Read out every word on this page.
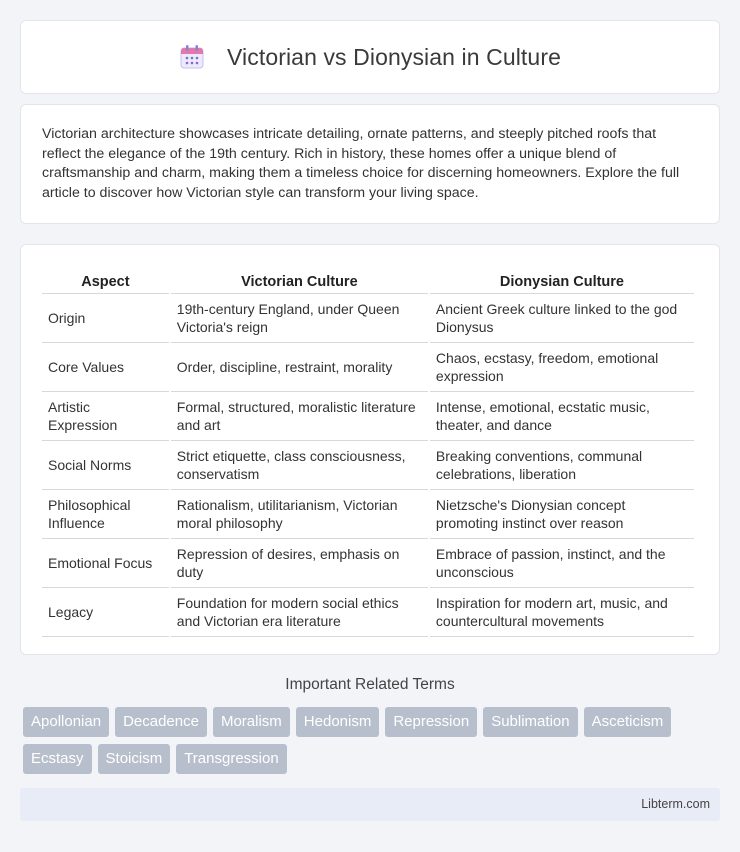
Victorian vs Dionysian in Culture

Victorian architecture showcases intricate detailing, ornate patterns, and steeply pitched roofs that reflect the elegance of the 19th century. Rich in history, these homes offer a unique blend of craftsmanship and charm, making them a timeless choice for discerning homeowners. Explore the full article to discover how Victorian style can transform your living space.

Aspect	Victorian Culture	Dionysian Culture
Origin	19th-century England, under Queen Victoria's reign	Ancient Greek culture linked to the god Dionysus
Core Values	Order, discipline, restraint, morality	Chaos, ecstasy, freedom, emotional expression
Artistic Expression	Formal, structured, moralistic literature and art	Intense, emotional, ecstatic music, theater, and dance
Social Norms	Strict etiquette, class consciousness, conservatism	Breaking conventions, communal celebrations, liberation
Philosophical Influence	Rationalism, utilitarianism, Victorian moral philosophy	Nietzsche's Dionysian concept promoting instinct over reason
Emotional Focus	Repression of desires, emphasis on duty	Embrace of passion, instinct, and the unconscious
Legacy	Foundation for modern social ethics and Victorian era literature	Inspiration for modern art, music, and countercultural movements
Important Related Terms
Apollonian	Decadence	Moralism	Hedonism	Repression	Sublimation	Asceticism
Ecstasy	Stoicism	Transgression
Libterm.com
